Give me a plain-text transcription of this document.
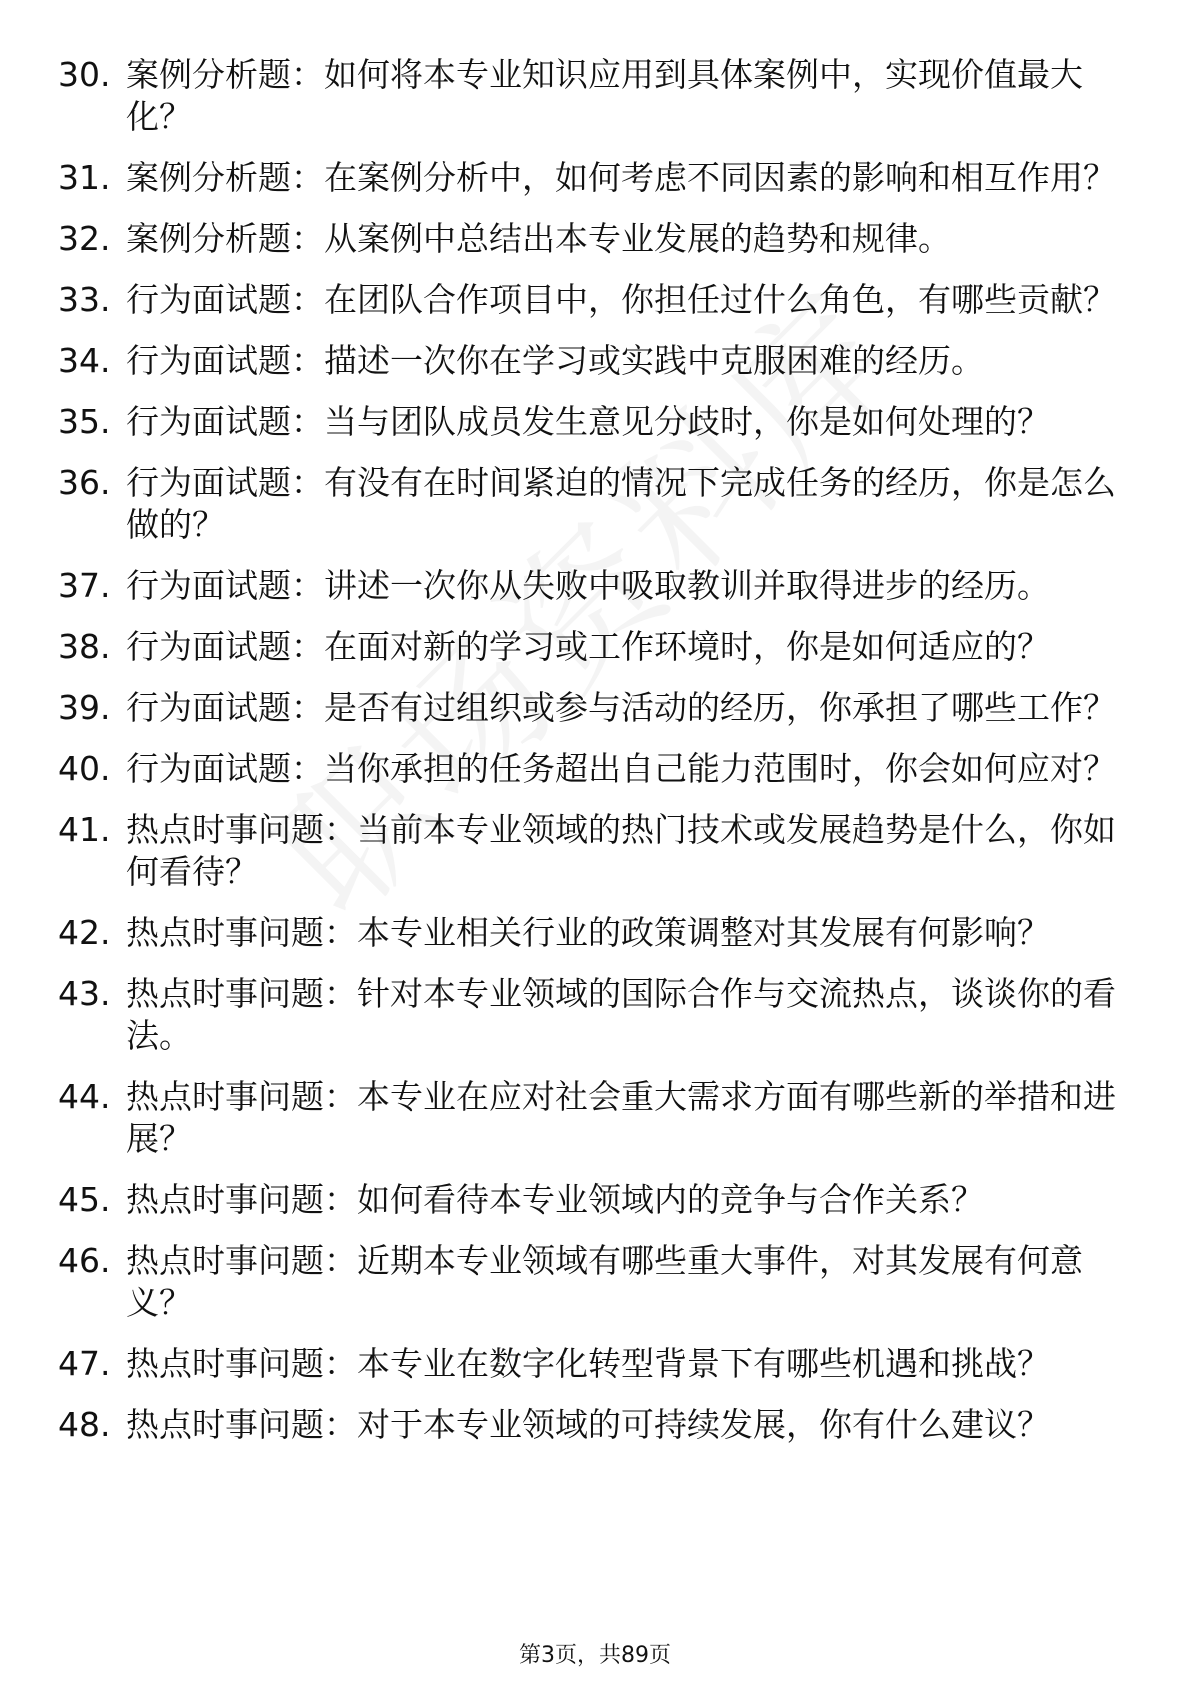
30. 案例分析题：如何将本专业知识应用到具体案例中，实现价值最大化？
31. 案例分析题：在案例分析中，如何考虑不同因素的影响和相互作用？
32. 案例分析题：从案例中总结出本专业发展的趋势和规律。
33. 行为面试题：在团队合作项目中，你担任过什么角色，有哪些贡献？
34. 行为面试题：描述一次你在学习或实践中克服困难的经历。
35. 行为面试题：当与团队成员发生意见分歧时，你是如何处理的？
36. 行为面试题：有没有在时间紧迫的情况下完成任务的经历，你是怎么做的？
37. 行为面试题：讲述一次你从失败中吸取教训并取得进步的经历。
38. 行为面试题：在面对新的学习或工作环境时，你是如何适应的？
39. 行为面试题：是否有过组织或参与活动的经历，你承担了哪些工作？
40. 行为面试题：当你承担的任务超出自己能力范围时，你会如何应对？
41. 热点时事问题：当前本专业领域的热门技术或发展趋势是什么，你如何看待？
42. 热点时事问题：本专业相关行业的政策调整对其发展有何影响？
43. 热点时事问题：针对本专业领域的国际合作与交流热点，谈谈你的看法。
44. 热点时事问题：本专业在应对社会重大需求方面有哪些新的举措和进展？
45. 热点时事问题：如何看待本专业领域内的竞争与合作关系？
46. 热点时事问题：近期本专业领域有哪些重大事件，对其发展有何意义？
47. 热点时事问题：本专业在数字化转型背景下有哪些机遇和挑战？
48. 热点时事问题：对于本专业领域的可持续发展，你有什么建议？
第3页，共89页
